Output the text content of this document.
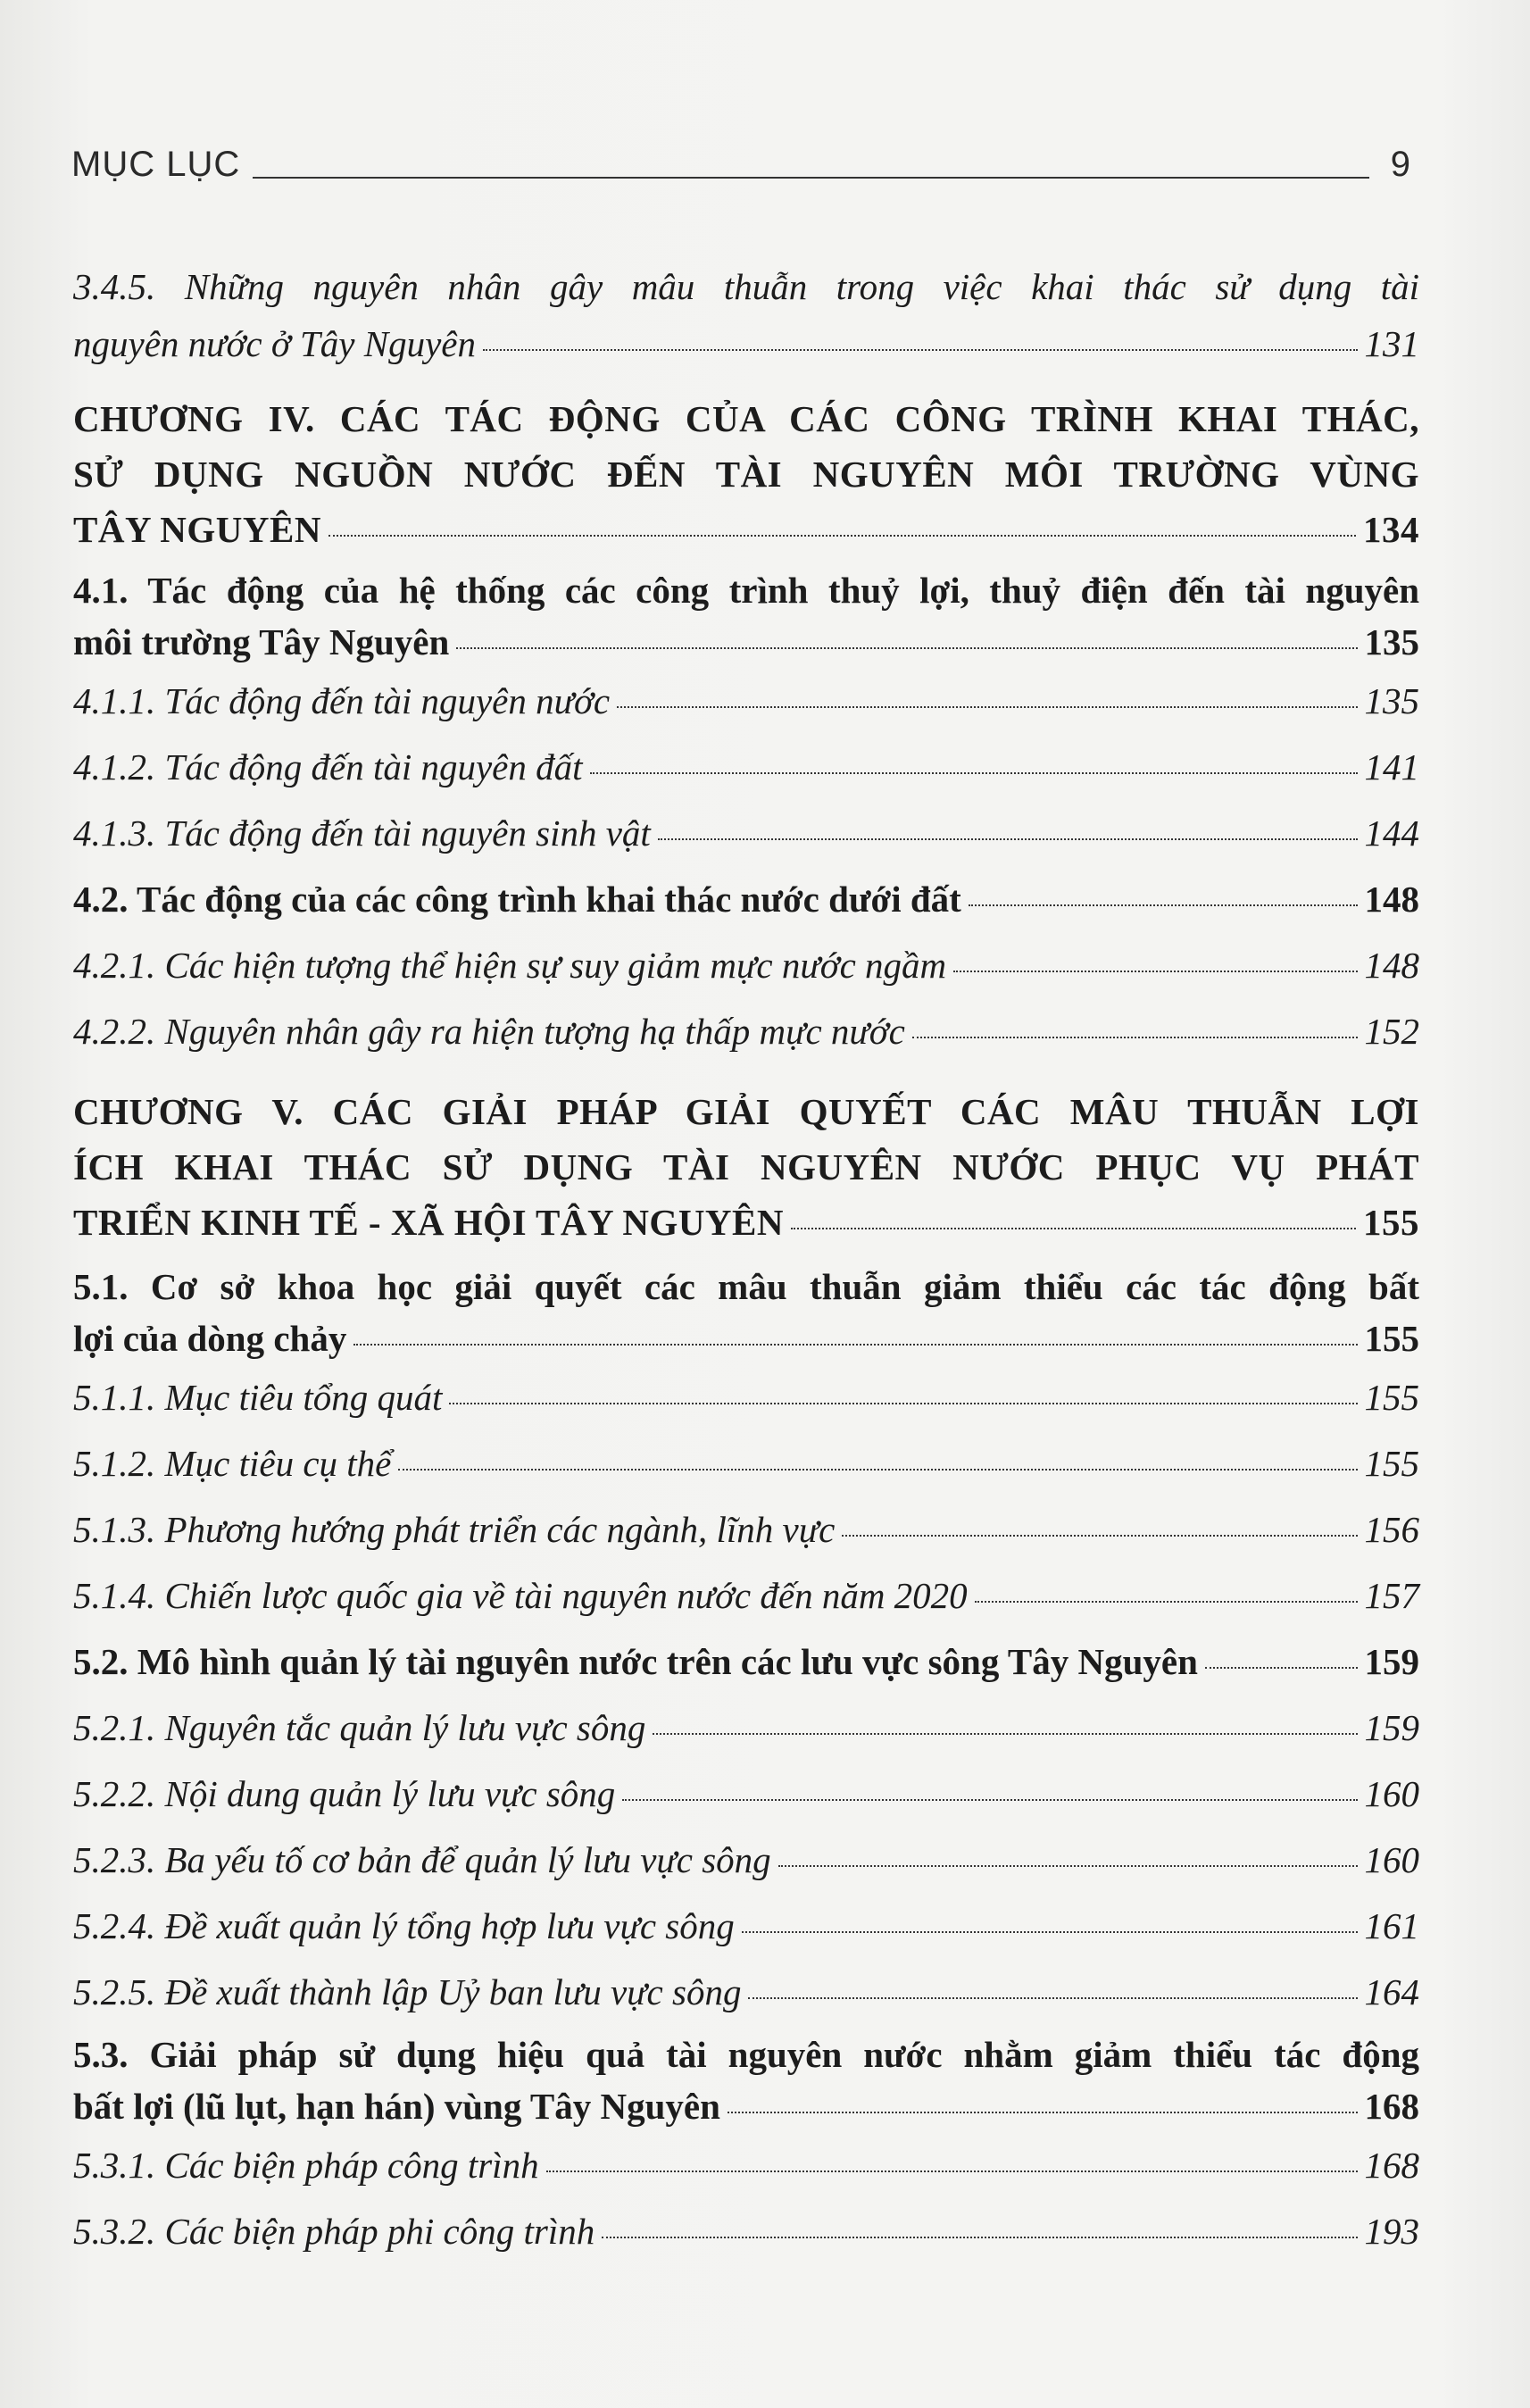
MỤC LỤC	9
3.4.5. Những nguyên nhân gây mâu thuẫn trong việc khai thác sử dụng tài
nguyên nước ở Tây Nguyên	131
CHƯƠNG IV. CÁC TÁC ĐỘNG CỦA CÁC CÔNG TRÌNH KHAI THÁC,
SỬ DỤNG NGUỒN NƯỚC ĐẾN TÀI NGUYÊN MÔI TRƯỜNG VÙNG
TÂY NGUYÊN	134
4.1. Tác động của hệ thống các công trình thuỷ lợi, thuỷ điện đến tài nguyên
môi trường Tây Nguyên	135
4.1.1. Tác động đến tài nguyên nước	135
4.1.2. Tác động đến tài nguyên đất	141
4.1.3. Tác động đến tài nguyên sinh vật	144
4.2. Tác động của các công trình khai thác nước dưới đất	148
4.2.1. Các hiện tượng thể hiện sự suy giảm mực nước ngầm	148
4.2.2. Nguyên nhân gây ra hiện tượng hạ thấp mực nước	152
CHƯƠNG V. CÁC GIẢI PHÁP GIẢI QUYẾT CÁC MÂU THUẪN LỢI
ÍCH KHAI THÁC SỬ DỤNG TÀI NGUYÊN NƯỚC PHỤC VỤ PHÁT
TRIỂN KINH TẾ - XÃ HỘI TÂY NGUYÊN	155
5.1. Cơ sở khoa học giải quyết các mâu thuẫn giảm thiểu các tác động bất
lợi của dòng chảy	155
5.1.1. Mục tiêu tổng quát	155
5.1.2. Mục tiêu cụ thể	155
5.1.3. Phương hướng phát triển các ngành, lĩnh vực	156
5.1.4. Chiến lược quốc gia về tài nguyên nước đến năm 2020	157
5.2. Mô hình quản lý tài nguyên nước trên các lưu vực sông Tây Nguyên	159
5.2.1. Nguyên tắc quản lý lưu vực sông	159
5.2.2. Nội dung quản lý lưu vực sông	160
5.2.3. Ba yếu tố cơ bản để quản lý lưu vực sông	160
5.2.4. Đề xuất quản lý tổng hợp lưu vực sông	161
5.2.5. Đề xuất thành lập Uỷ ban lưu vực sông	164
5.3. Giải pháp sử dụng hiệu quả tài nguyên nước nhằm giảm thiểu tác động
bất lợi (lũ lụt, hạn hán) vùng Tây Nguyên	168
5.3.1. Các biện pháp công trình	168
5.3.2. Các biện pháp phi công trình	193
